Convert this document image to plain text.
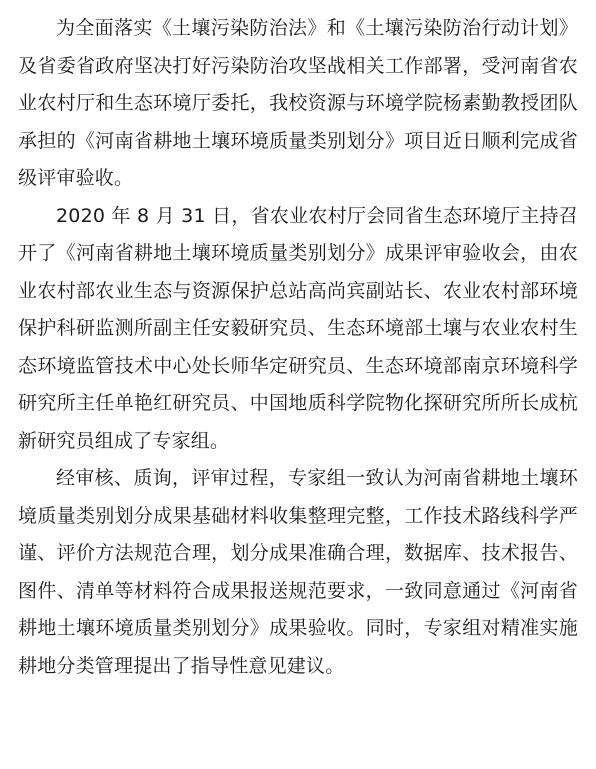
为全面落实《土壤污染防治法》和《土壤污染防治行动计划》及省委省政府坚决打好污染防治攻坚战相关工作部署，受河南省农业农村厅和生态环境厅委托，我校资源与环境学院杨素勤教授团队承担的《河南省耕地土壤环境质量类别划分》项目近日顺利完成省级评审验收。

2020 年 8 月 31 日，省农业农村厅会同省生态环境厅主持召开了《河南省耕地土壤环境质量类别划分》成果评审验收会，由农业农村部农业生态与资源保护总站高尚宾副站长、农业农村部环境保护科研监测所副主任安毅研究员、生态环境部土壤与农业农村生态环境监管技术中心处长师华定研究员、生态环境部南京环境科学研究所主任单艳红研究员、中国地质科学院物化探研究所所长成杭新研究员组成了专家组。

经审核、质询，评审过程，专家组一致认为河南省耕地土壤环境质量类别划分成果基础材料收集整理完整，工作技术路线科学严谨、评价方法规范合理，划分成果准确合理，数据库、技术报告、图件、清单等材料符合成果报送规范要求，一致同意通过《河南省耕地土壤环境质量类别划分》成果验收。同时，专家组对精准实施耕地分类管理提出了指导性意见建议。
